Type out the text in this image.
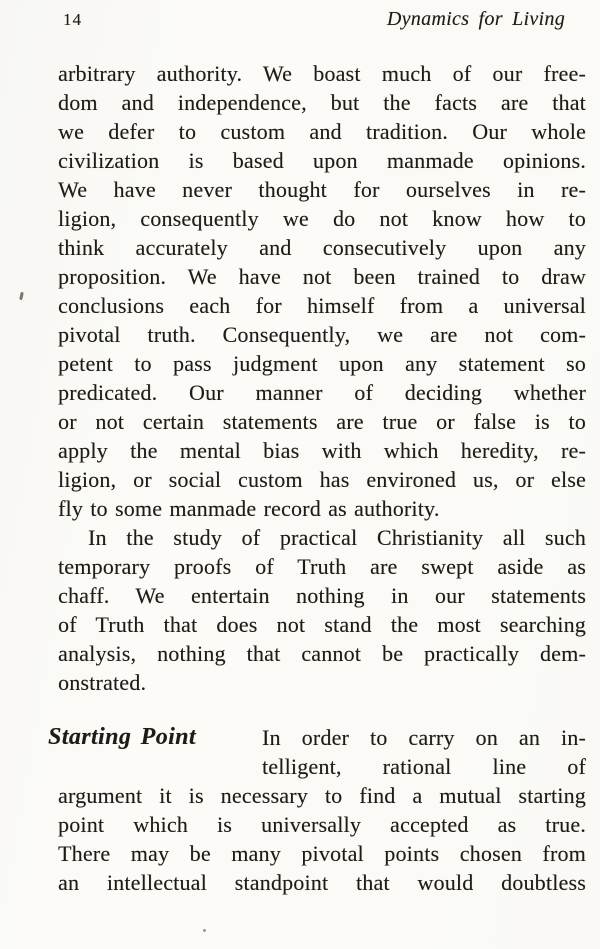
14	Dynamics for Living
arbitrary authority. We boast much of our free-
dom and independence, but the facts are that
we defer to custom and tradition. Our whole
civilization is based upon manmade opinions.
We have never thought for ourselves in re-
ligion, consequently we do not know how to
think accurately and consecutively upon any
proposition. We have not been trained to draw
conclusions each for himself from a universal
pivotal truth. Consequently, we are not com-
petent to pass judgment upon any statement so
predicated. Our manner of deciding whether
or not certain statements are true or false is to
apply the mental bias with which heredity, re-
ligion, or social custom has environed us, or else
fly to some manmade record as authority.
In the study of practical Christianity all such
temporary proofs of Truth are swept aside as
chaff. We entertain nothing in our statements
of Truth that does not stand the most searching
analysis, nothing that cannot be practically dem-
onstrated.
Starting Point	In order to carry on an in-
telligent, rational line of
argument it is necessary to find a mutual starting
point which is universally accepted as true.
There may be many pivotal points chosen from
an intellectual standpoint that would doubtless
